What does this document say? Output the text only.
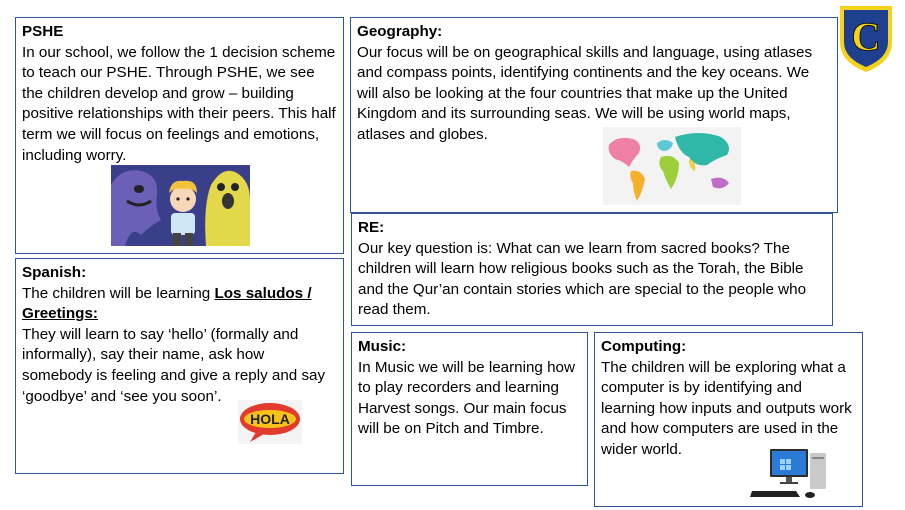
PSHE

In our school, we follow the 1 decision scheme to teach our PSHE. Through PSHE, we see the children develop and grow – building positive relationships with their peers. This half term we will focus on feelings and emotions, including worry.

Geography:

Our focus will be on geographical skills and language, using atlases and compass points, identifying continents and the key oceans. We will also be looking at the four countries that make up the United Kingdom and its surrounding seas. We will be using world maps, atlases and globes.

RE:

Our key question is: What can we learn from sacred books? The children will learn how religious books such as the Torah, the Bible and the Qur’an contain stories which are special to the people who read them.

Spanish:

The children will be learning Los saludos / Greetings:

They will learn to say ‘hello’ (formally and informally), say their name, ask how somebody is feeling and give a reply and say ‘goodbye’ and ‘see you soon’.

Music:

In Music we will be learning how to play recorders and learning Harvest songs. Our main focus will be on Pitch and Timbre.

Computing:

The children will be exploring what a computer is by identifying and learning how inputs and outputs work and how computers are used in the wider world.

HOLA
C
